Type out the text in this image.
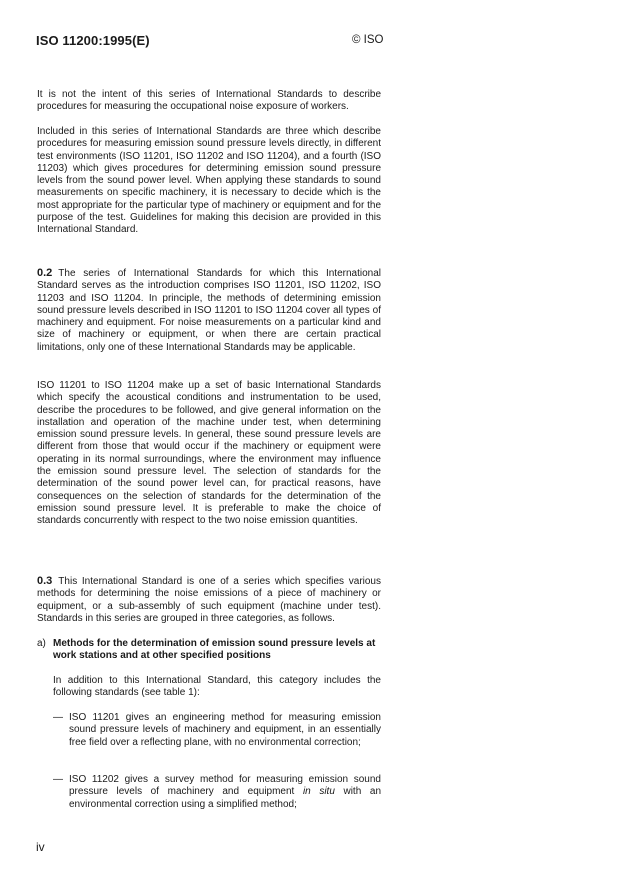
ISO 11200:1995(E)	© ISO

It is not the intent of this series of International Standards to describe procedures for measuring the occupational noise exposure of workers.

Included in this series of International Standards are three which describe procedures for measuring emission sound pressure levels directly, in different test environments (ISO 11201, ISO 11202 and ISO 11204), and a fourth (ISO 11203) which gives procedures for determining emission sound pressure levels from the sound power level. When applying these standards to sound measurements on specific machinery, it is necessary to decide which is the most appropriate for the particular type of machinery or equipment and for the purpose of the test. Guidelines for making this decision are provided in this International Standard.

0.2 The series of International Standards for which this International Standard serves as the introduction comprises ISO 11201, ISO 11202, ISO 11203 and ISO 11204. In principle, the methods of determining emission sound pressure levels described in ISO 11201 to ISO 11204 cover all types of machinery and equipment. For noise measurements on a particular kind and size of machinery or equipment, or when there are certain practical limitations, only one of these International Standards may be applicable.

ISO 11201 to ISO 11204 make up a set of basic International Standards which specify the acoustical conditions and instrumentation to be used, describe the procedures to be followed, and give general information on the installation and operation of the machine under test, when determining emission sound pressure levels. In general, these sound pressure levels are different from those that would occur if the machinery or equipment were operating in its normal surroundings, where the environment may influence the emission sound pressure level. The selection of standards for the determination of the sound power level can, for practical reasons, have consequences on the selection of standards for the determination of the emission sound pressure level. It is preferable to make the choice of standards concurrently with respect to the two noise emission quantities.

0.3 This International Standard is one of a series which specifies various methods for determining the noise emissions of a piece of machinery or equipment, or a sub-assembly of such equipment (machine under test). Standards in this series are grouped in three categories, as follows.

a) Methods for the determination of emission sound pressure levels at work stations and at other specified positions

In addition to this International Standard, this category includes the following standards (see table 1):

— ISO 11201 gives an engineering method for measuring emission sound pressure levels of machinery and equipment, in an essentially free field over a reflecting plane, with no environmental correction;
— ISO 11202 gives a survey method for measuring emission sound pressure levels of machinery and equipment in situ with an environmental correction using a simplified method;
iv
